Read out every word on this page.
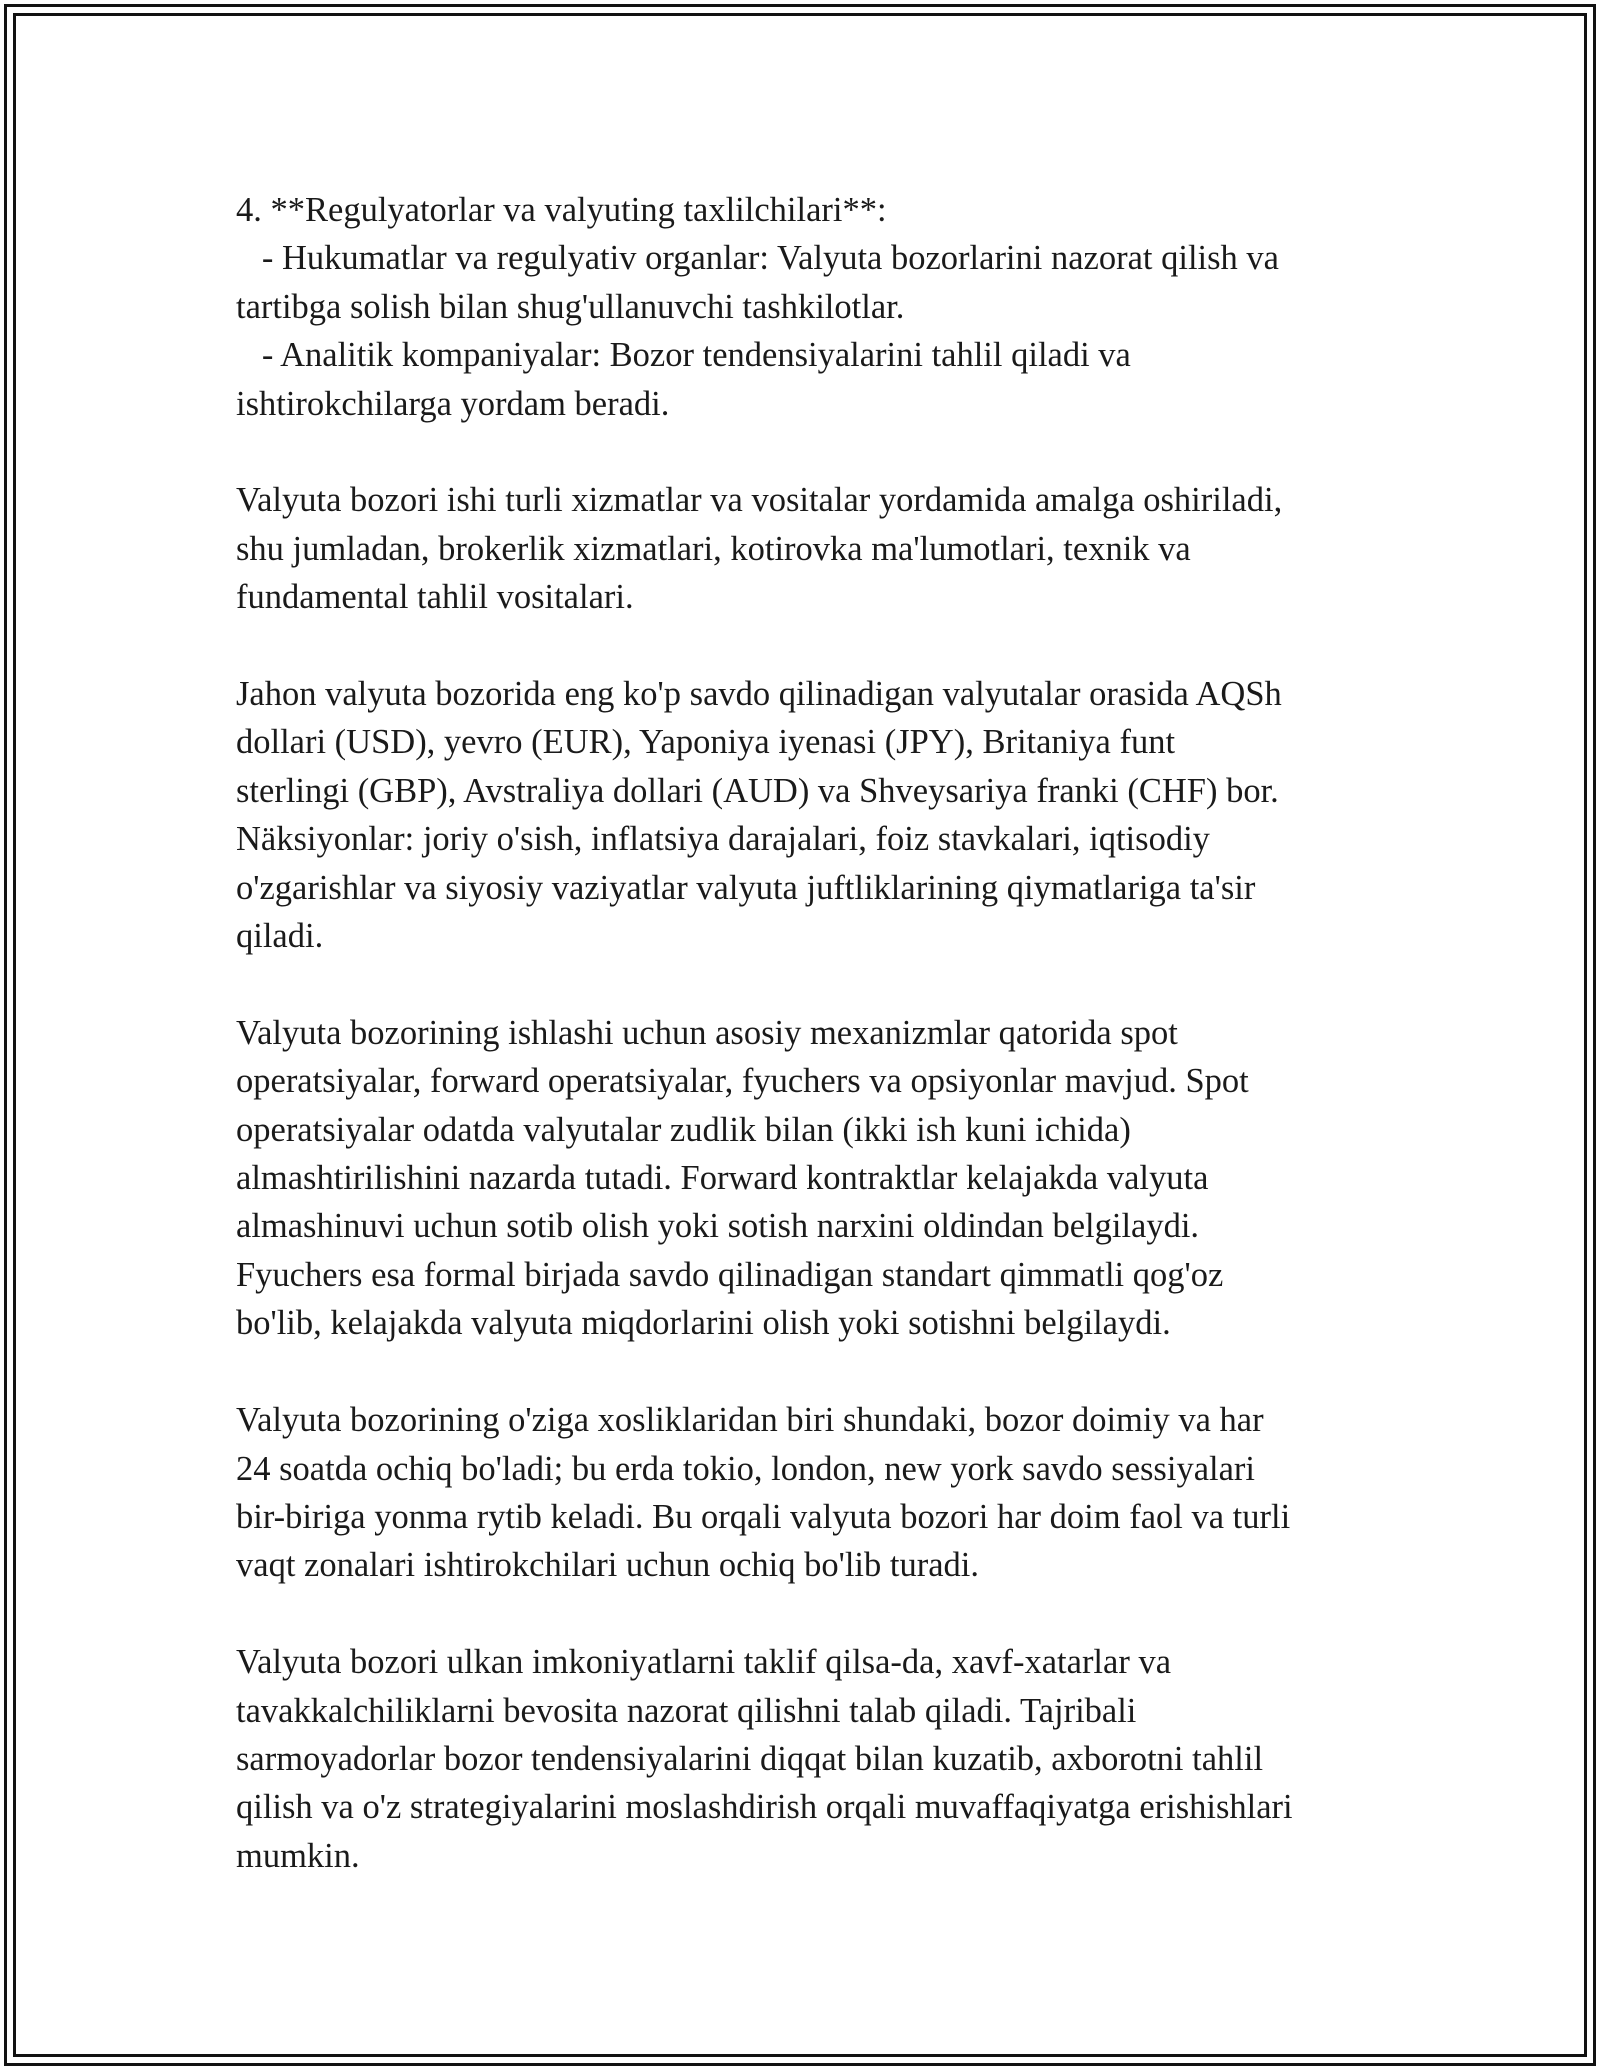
4. **Regulyatorlar va valyuting taxlilchilari**:
- Hukumatlar va regulyativ organlar: Valyuta bozorlarini nazorat qilish va
tartibga solish bilan shug'ullanuvchi tashkilotlar.
- Analitik kompaniyalar: Bozor tendensiyalarini tahlil qiladi va
ishtirokchilarga yordam beradi.
Valyuta bozori ishi turli xizmatlar va vositalar yordamida amalga oshiriladi,
shu jumladan, brokerlik xizmatlari, kotirovka ma'lumotlari, texnik va
fundamental tahlil vositalari.
Jahon valyuta bozorida eng ko'p savdo qilinadigan valyutalar orasida AQSh
dollari (USD), yevro (EUR), Yaponiya iyenasi (JPY), Britaniya funt
sterlingi (GBP), Avstraliya dollari (AUD) va Shveysariya franki (CHF) bor.
Näksiyonlar: joriy o'sish, inflatsiya darajalari, foiz stavkalari, iqtisodiy
o'zgarishlar va siyosiy vaziyatlar valyuta juftliklarining qiymatlariga ta'sir
qiladi.
Valyuta bozorining ishlashi uchun asosiy mexanizmlar qatorida spot
operatsiyalar, forward operatsiyalar, fyuchers va opsiyonlar mavjud. Spot
operatsiyalar odatda valyutalar zudlik bilan (ikki ish kuni ichida)
almashtirilishini nazarda tutadi. Forward kontraktlar kelajakda valyuta
almashinuvi uchun sotib olish yoki sotish narxini oldindan belgilaydi.
Fyuchers esa formal birjada savdo qilinadigan standart qimmatli qog'oz
bo'lib, kelajakda valyuta miqdorlarini olish yoki sotishni belgilaydi.
Valyuta bozorining o'ziga xosliklaridan biri shundaki, bozor doimiy va har
24 soatda ochiq bo'ladi; bu erda tokio, london, new york savdo sessiyalari
bir-biriga yonma rytib keladi. Bu orqali valyuta bozori har doim faol va turli
vaqt zonalari ishtirokchilari uchun ochiq bo'lib turadi.
Valyuta bozori ulkan imkoniyatlarni taklif qilsa-da, xavf-xatarlar va
tavakkalchiliklarni bevosita nazorat qilishni talab qiladi. Tajribali
sarmoyadorlar bozor tendensiyalarini diqqat bilan kuzatib, axborotni tahlil
qilish va o'z strategiyalarini moslashdirish orqali muvaffaqiyatga erishishlari
mumkin.
